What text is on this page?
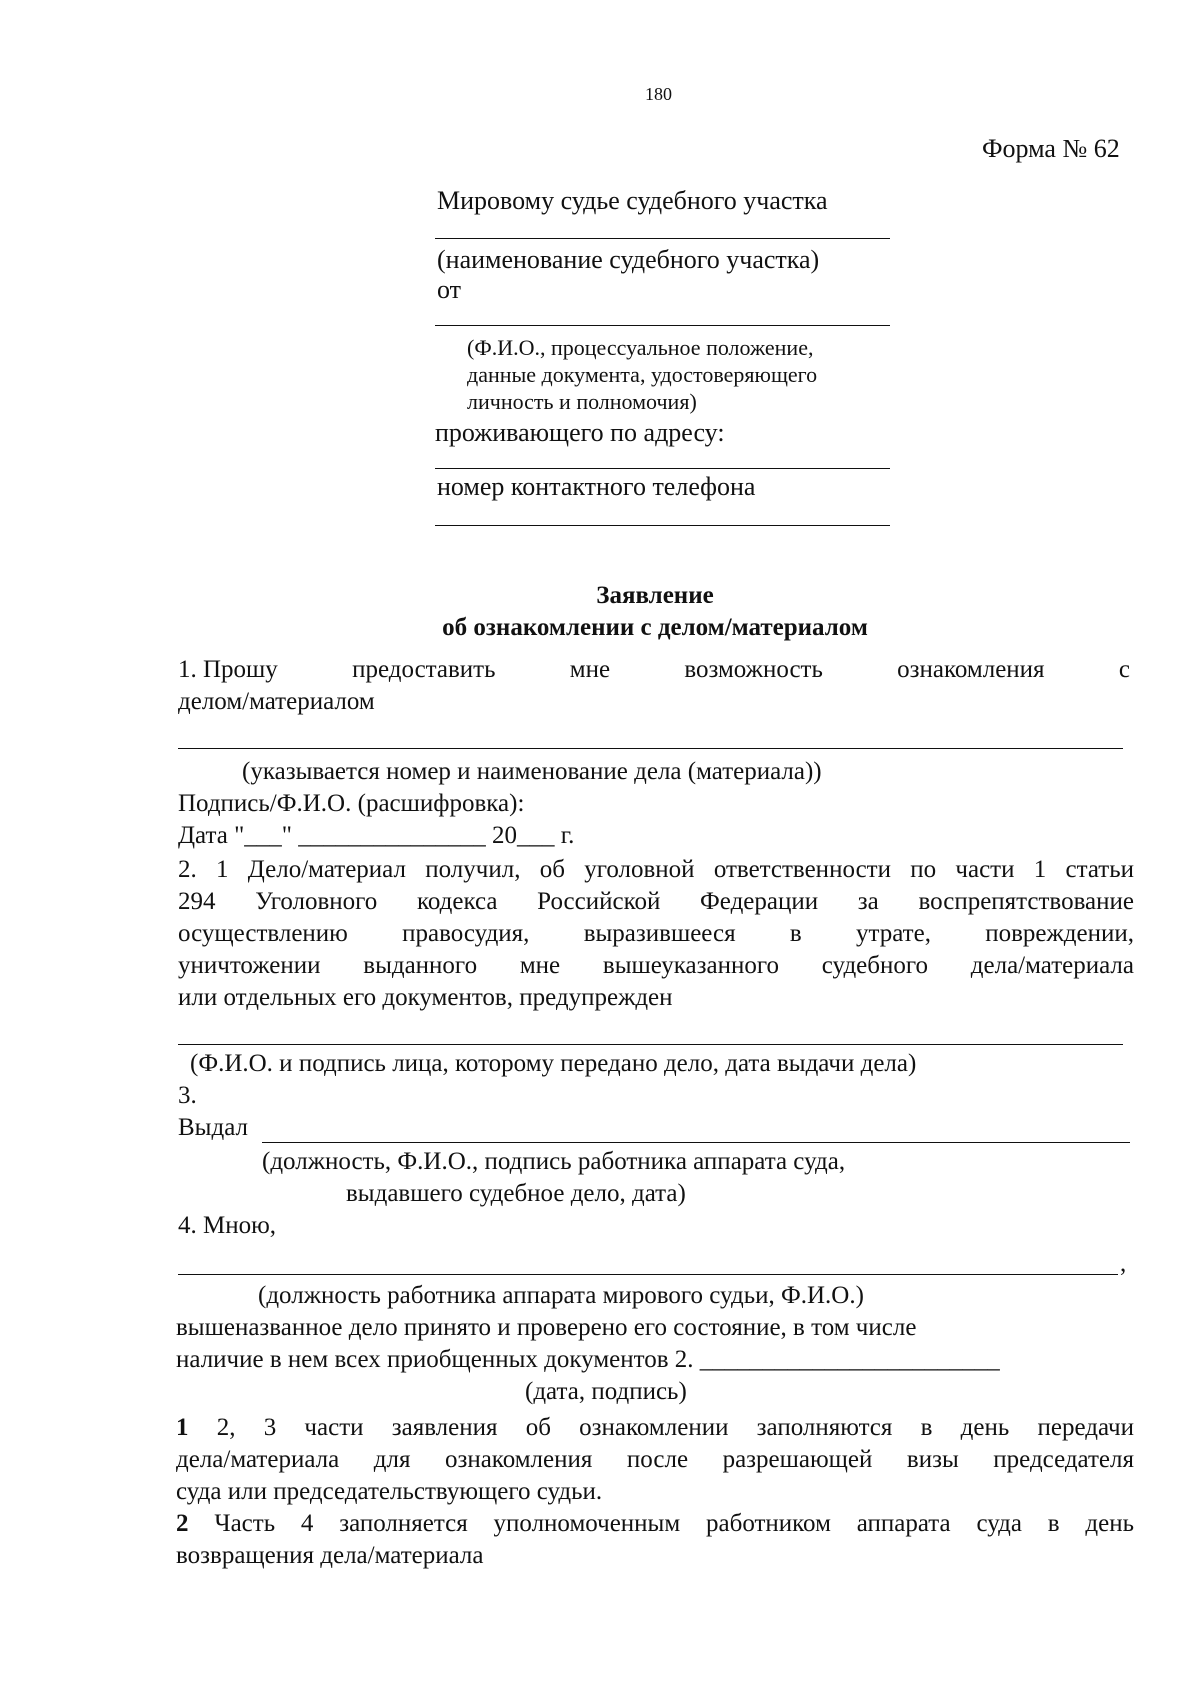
180
Форма № 62
Мировому судье судебного участка
(наименование судебного участка)
от
(Ф.И.О., процессуальное положение,
данные документа, удостоверяющего
личность и полномочия)
проживающего по адресу:
номер контактного телефона
Заявление
об ознакомлении с делом/материалом
1. Прошу	предоставить	мне	возможность	ознакомления	с
делом/материалом
(указывается номер и наименование дела (материала))
Подпись/Ф.И.О. (расшифровка):
Дата "___" _______________ 20___ г.
2. 1 Дело/материал получил, об уголовной ответственности по части 1 статьи
294 Уголовного кодекса Российской Федерации за воспрепятствование
осуществлению правосудия, выразившееся в утрате, повреждении,
уничтожении выданного мне вышеуказанного судебного дела/материала
или отдельных его документов, предупрежден
(Ф.И.О. и подпись лица, которому передано дело, дата выдачи дела)
3.
Выдал
(должность, Ф.И.О., подпись работника аппарата суда,
выдавшего судебное дело, дата)
4. Мною,
,
(должность работника аппарата мирового судьи, Ф.И.О.)
вышеназванное дело принято и проверено его состояние, в том числе
наличие в нем всех приобщенных документов 2. ________________________
(дата, подпись)
1 2, 3 части заявления об ознакомлении заполняются в день передачи
дела/материала для ознакомления после разрешающей визы председателя
суда или председательствующего судьи.
2 Часть 4 заполняется уполномоченным работником аппарата суда в день
возвращения дела/материала
